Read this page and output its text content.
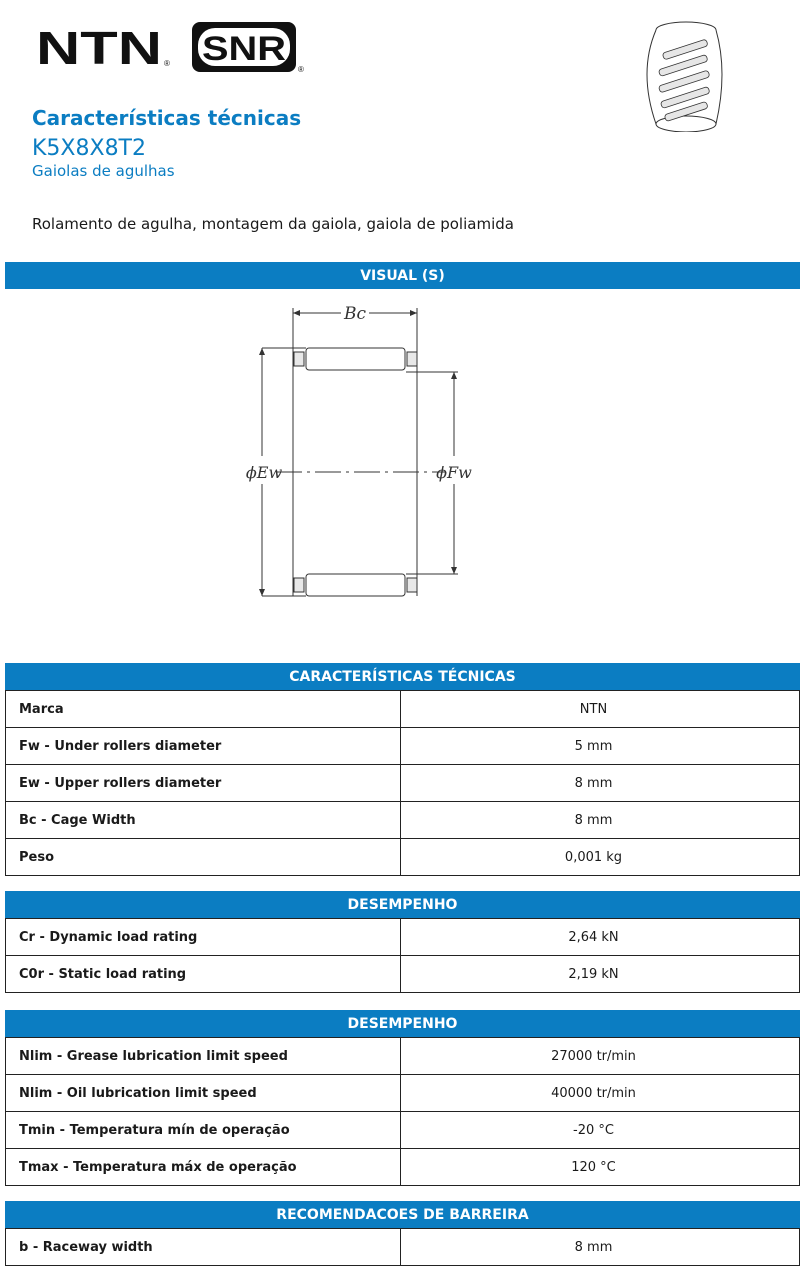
NTN ® SNR
®
Características técnicas
K5X8X8T2
Gaiolas de agulhas
Rolamento de agulha, montagem da gaiola, gaiola de poliamida
VISUAL (S)
Bc
ϕEw	ϕFw
CARACTERÍSTICAS TÉCNICAS
Marca	NTN
Fw - Under rollers diameter	5 mm
Ew - Upper rollers diameter	8 mm
Bc - Cage Width	8 mm
Peso	0,001 kg
DESEMPENHO
Cr - Dynamic load rating	2,64 kN
C0r - Static load rating	2,19 kN
DESEMPENHO
Nlim - Grease lubrication limit speed	27000 tr/min
Nlim - Oil lubrication limit speed	40000 tr/min
Tmin - Temperatura mín de operação	-20 °C
Tmax - Temperatura máx de operação	120 °C
RECOMENDACOES DE BARREIRA
b - Raceway width	8 mm
